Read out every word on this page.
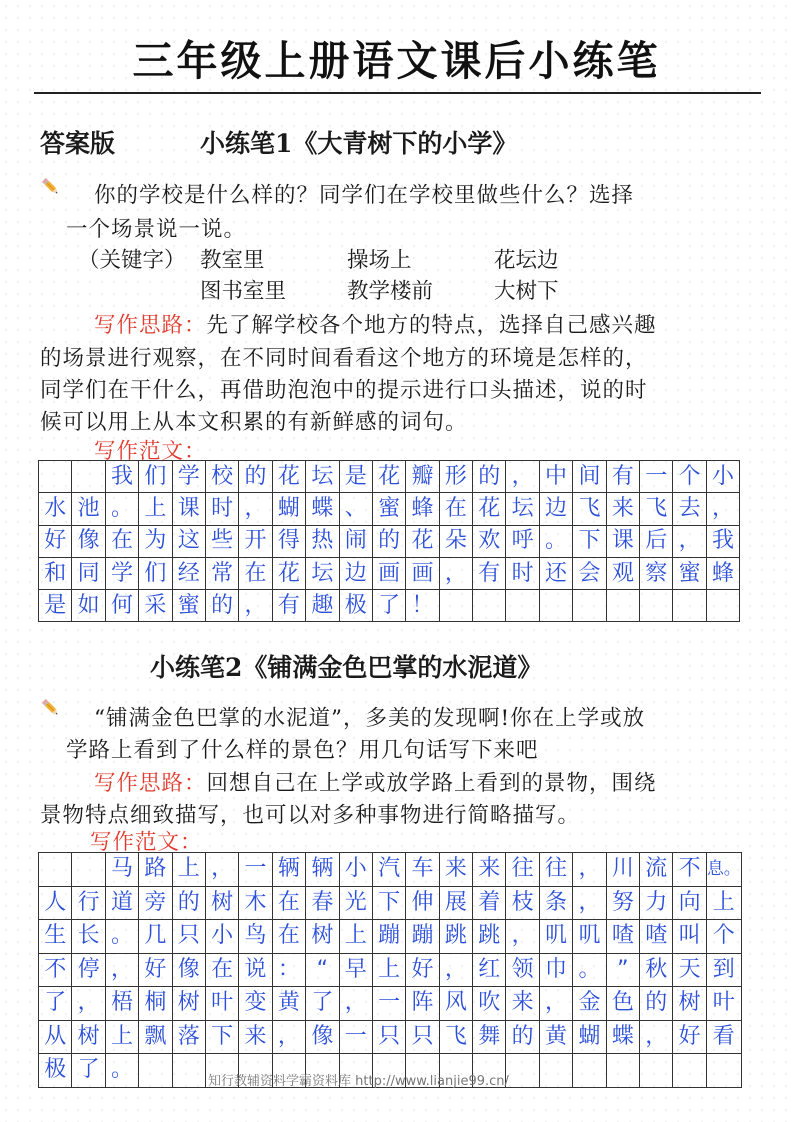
三年级上册语文课后小练笔
答案版	小练笔1《大青树下的小学》
你的学校是什么样的？同学们在学校里做些什么？选择
一个场景说一说。
（关键字） 教室里	操场上	花坛边
图书室里	教学楼前	大树下
写作思路：先了解学校各个地方的特点，选择自己感兴趣
的场景进行观察，在不同时间看看这个地方的环境是怎样的，
同学们在干什么，再借助泡泡中的提示进行口头描述，说的时
候可以用上从本文积累的有新鲜感的词句。
写作范文：
		我	们	学	校	的	花	坛	是	花	瓣	形	的	，	中	间	有	一	个	小
水	池	。	上	课	时	，	蝴	蝶	、	蜜	蜂	在	花	坛	边	飞	来	飞	去	，
好	像	在	为	这	些	开	得	热	闹	的	花	朵	欢	呼	。	下	课	后	，	我
和	同	学	们	经	常	在	花	坛	边	画	画	，	有	时	还	会	观	察	蜜	蜂
是	如	何	采	蜜	的	，	有	趣	极	了	！									
小练笔2《铺满金色巴掌的水泥道》
“铺满金色巴掌的水泥道”，多美的发现啊!你在上学或放
学路上看到了什么样的景色？用几句话写下来吧
写作思路：回想自己在上学或放学路上看到的景物，围绕
景物特点细致描写，也可以对多种事物进行简略描写。
写作范文：
		马	路	上	，	一	辆	辆	小	汽	车	来	来	往	往	，	川	流	不	息。
人	行	道	旁	的	树	木	在	春	光	下	伸	展	着	枝	条	，	努	力	向	上
生	长	。	几	只	小	鸟	在	树	上	蹦	蹦	跳	跳	，	叽	叽	喳	喳	叫	个
不	停	，	好	像	在	说	：	“	早	上	好	，	红	领	巾	。	”	秋	天	到
了	，	梧	桐	树	叶	变	黄	了	，	一	阵	风	吹	来	，	金	色	的	树	叶
从	树	上	飘	落	下	来	，	像	一	只	只	飞	舞	的	黄	蝴	蝶	，	好	看
极	了	。																			知行教辅资料学霸资料库 http://www.lianjie99.cn/
